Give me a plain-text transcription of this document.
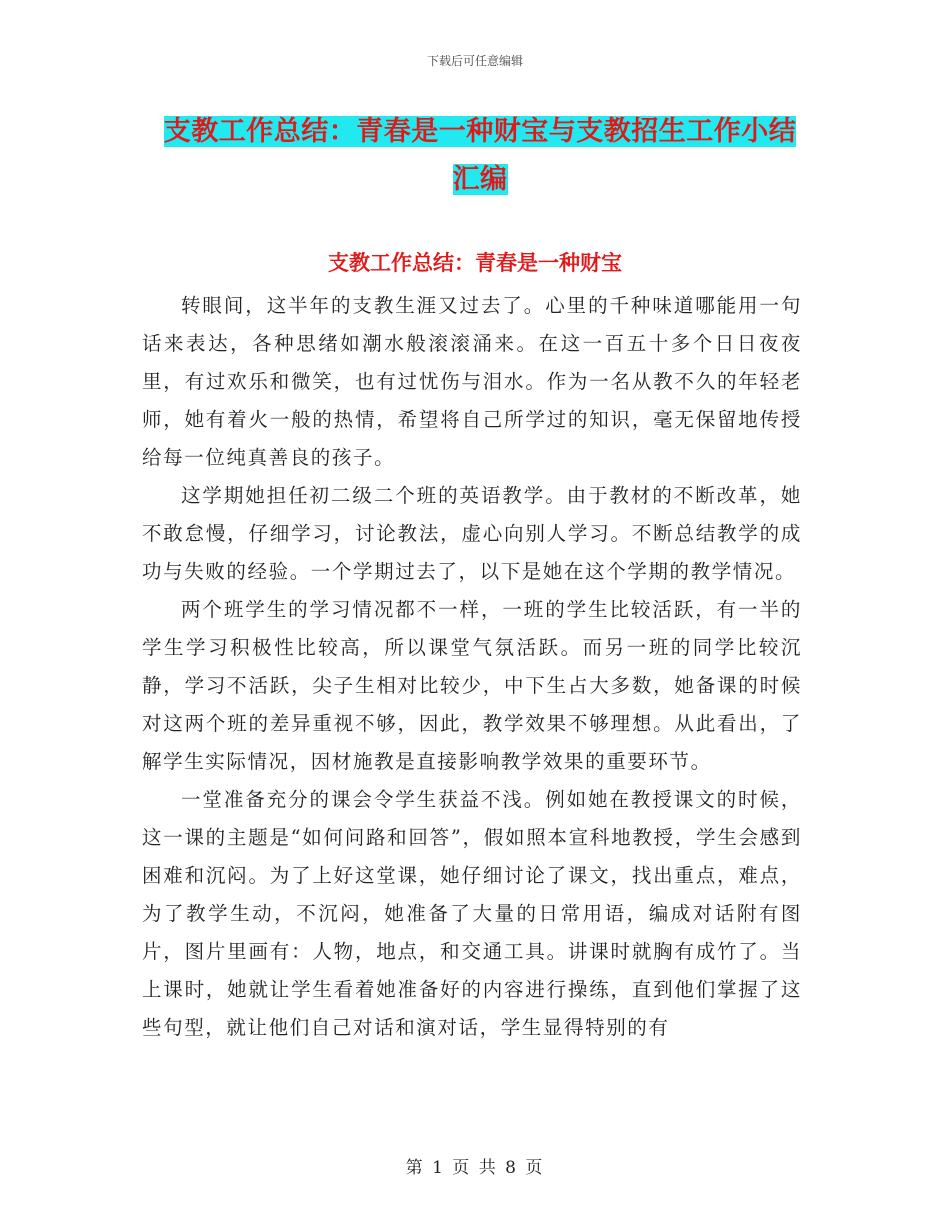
下载后可任意编辑
支教工作总结：青春是一种财宝与支教招生工作小结
汇编
支教工作总结：青春是一种财宝

转眼间，这半年的支教生涯又过去了。心里的千种味道哪能用一句话来表达，各种思绪如潮水般滚滚涌来。在这一百五十多个日日夜夜里，有过欢乐和微笑，也有过忧伤与泪水。作为一名从教不久的年轻老师，她有着火一般的热情，希望将自己所学过的知识，毫无保留地传授给每一位纯真善良的孩子。

这学期她担任初二级二个班的英语教学。由于教材的不断改革，她不敢怠慢，仔细学习，讨论教法，虚心向别人学习。不断总结教学的成功与失败的经验。一个学期过去了，以下是她在这个学期的教学情况。

两个班学生的学习情况都不一样，一班的学生比较活跃，有一半的学生学习积极性比较高，所以课堂气氛活跃。而另一班的同学比较沉静，学习不活跃，尖子生相对比较少，中下生占大多数，她备课的时候对这两个班的差异重视不够，因此，教学效果不够理想。从此看出，了解学生实际情况，因材施教是直接影响教学效果的重要环节。

一堂准备充分的课会令学生获益不浅。例如她在教授课文的时候，这一课的主题是“如何问路和回答”，假如照本宣科地教授，学生会感到困难和沉闷。为了上好这堂课，她仔细讨论了课文，找出重点，难点，为了教学生动，不沉闷，她准备了大量的日常用语，编成对话附有图片，图片里画有：人物，地点，和交通工具。讲课时就胸有成竹了。当上课时，她就让学生看着她准备好的内容进行操练，直到他们掌握了这些句型，就让他们自己对话和演对话，学生显得特别的有

第 1 页 共 8 页
